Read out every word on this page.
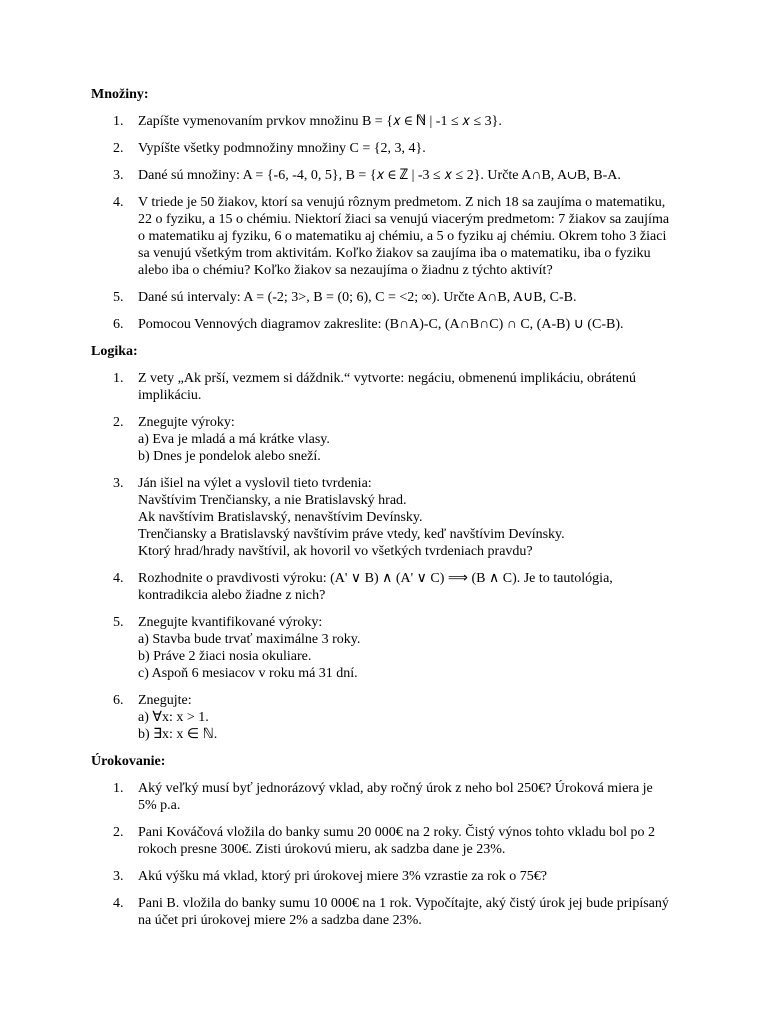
Množiny:
1. Zapíšte vymenovaním prvkov množinu B = {𝑥 ∈ ℕ | -1 ≤ 𝑥 ≤ 3}.
2. Vypíšte všetky podmnožiny množiny C = {2, 3, 4}.
3. Dané sú množiny: A = {-6, -4, 0, 5}, B = {𝑥 ∈ ℤ | -3 ≤ 𝑥 ≤ 2}. Určte A∩B, A∪B, B-A.
4. V triede je 50 žiakov, ktorí sa venujú rôznym predmetom. Z nich 18 sa zaujíma o matematiku,
22 o fyziku, a 15 o chémiu. Niektorí žiaci sa venujú viacerým predmetom: 7 žiakov sa zaujíma
o matematiku aj fyziku, 6 o matematiku aj chémiu, a 5 o fyziku aj chémiu. Okrem toho 3 žiaci
sa venujú všetkým trom aktivitám. Koľko žiakov sa zaujíma iba o matematiku, iba o fyziku
alebo iba o chémiu? Koľko žiakov sa nezaujíma o žiadnu z týchto aktivít?
5. Dané sú intervaly: A = (-2; 3>, B = (0; 6), C = <2; ∞). Určte A∩B, A∪B, C-B.
6. Pomocou Vennových diagramov zakreslite: (B∩A)-C, (A∩B∩C) ∩ C, (A-B) ∪ (C-B).
Logika:
1. Z vety „Ak prší, vezmem si dáždnik.“ vytvorte: negáciu, obmenenú implikáciu, obrátenú
implikáciu.
2. Znegujte výroky:
a) Eva je mladá a má krátke vlasy.
b) Dnes je pondelok alebo sneží.
3. Ján išiel na výlet a vyslovil tieto tvrdenia:
Navštívim Trenčiansky, a nie Bratislavský hrad.
Ak navštívim Bratislavský, nenavštívim Devínsky.
Trenčiansky a Bratislavský navštívim práve vtedy, keď navštívim Devínsky.
Ktorý hrad/hrady navštívil, ak hovoril vo všetkých tvrdeniach pravdu?
4. Rozhodnite o pravdivosti výroku: (A' ∨ B) ∧ (A' ∨ C) ⟹ (B ∧ C). Je to tautológia,
kontradikcia alebo žiadne z nich?
5. Znegujte kvantifikované výroky:
a) Stavba bude trvať maximálne 3 roky.
b) Práve 2 žiaci nosia okuliare.
c) Aspoň 6 mesiacov v roku má 31 dní.
6. Znegujte:
a) ∀x: x > 1.
b) ∃x: x ∈ ℕ.
Úrokovanie:
1. Aký veľký musí byť jednorázový vklad, aby ročný úrok z neho bol 250€? Úroková miera je
5% p.a.
2. Pani Kováčová vložila do banky sumu 20 000€ na 2 roky. Čistý výnos tohto vkladu bol po 2
rokoch presne 300€. Zisti úrokovú mieru, ak sadzba dane je 23%.
3. Akú výšku má vklad, ktorý pri úrokovej miere 3% vzrastie za rok o 75€?
4. Pani B. vložila do banky sumu 10 000€ na 1 rok. Vypočítajte, aký čistý úrok jej bude pripísaný
na účet pri úrokovej miere 2% a sadzba dane 23%.
